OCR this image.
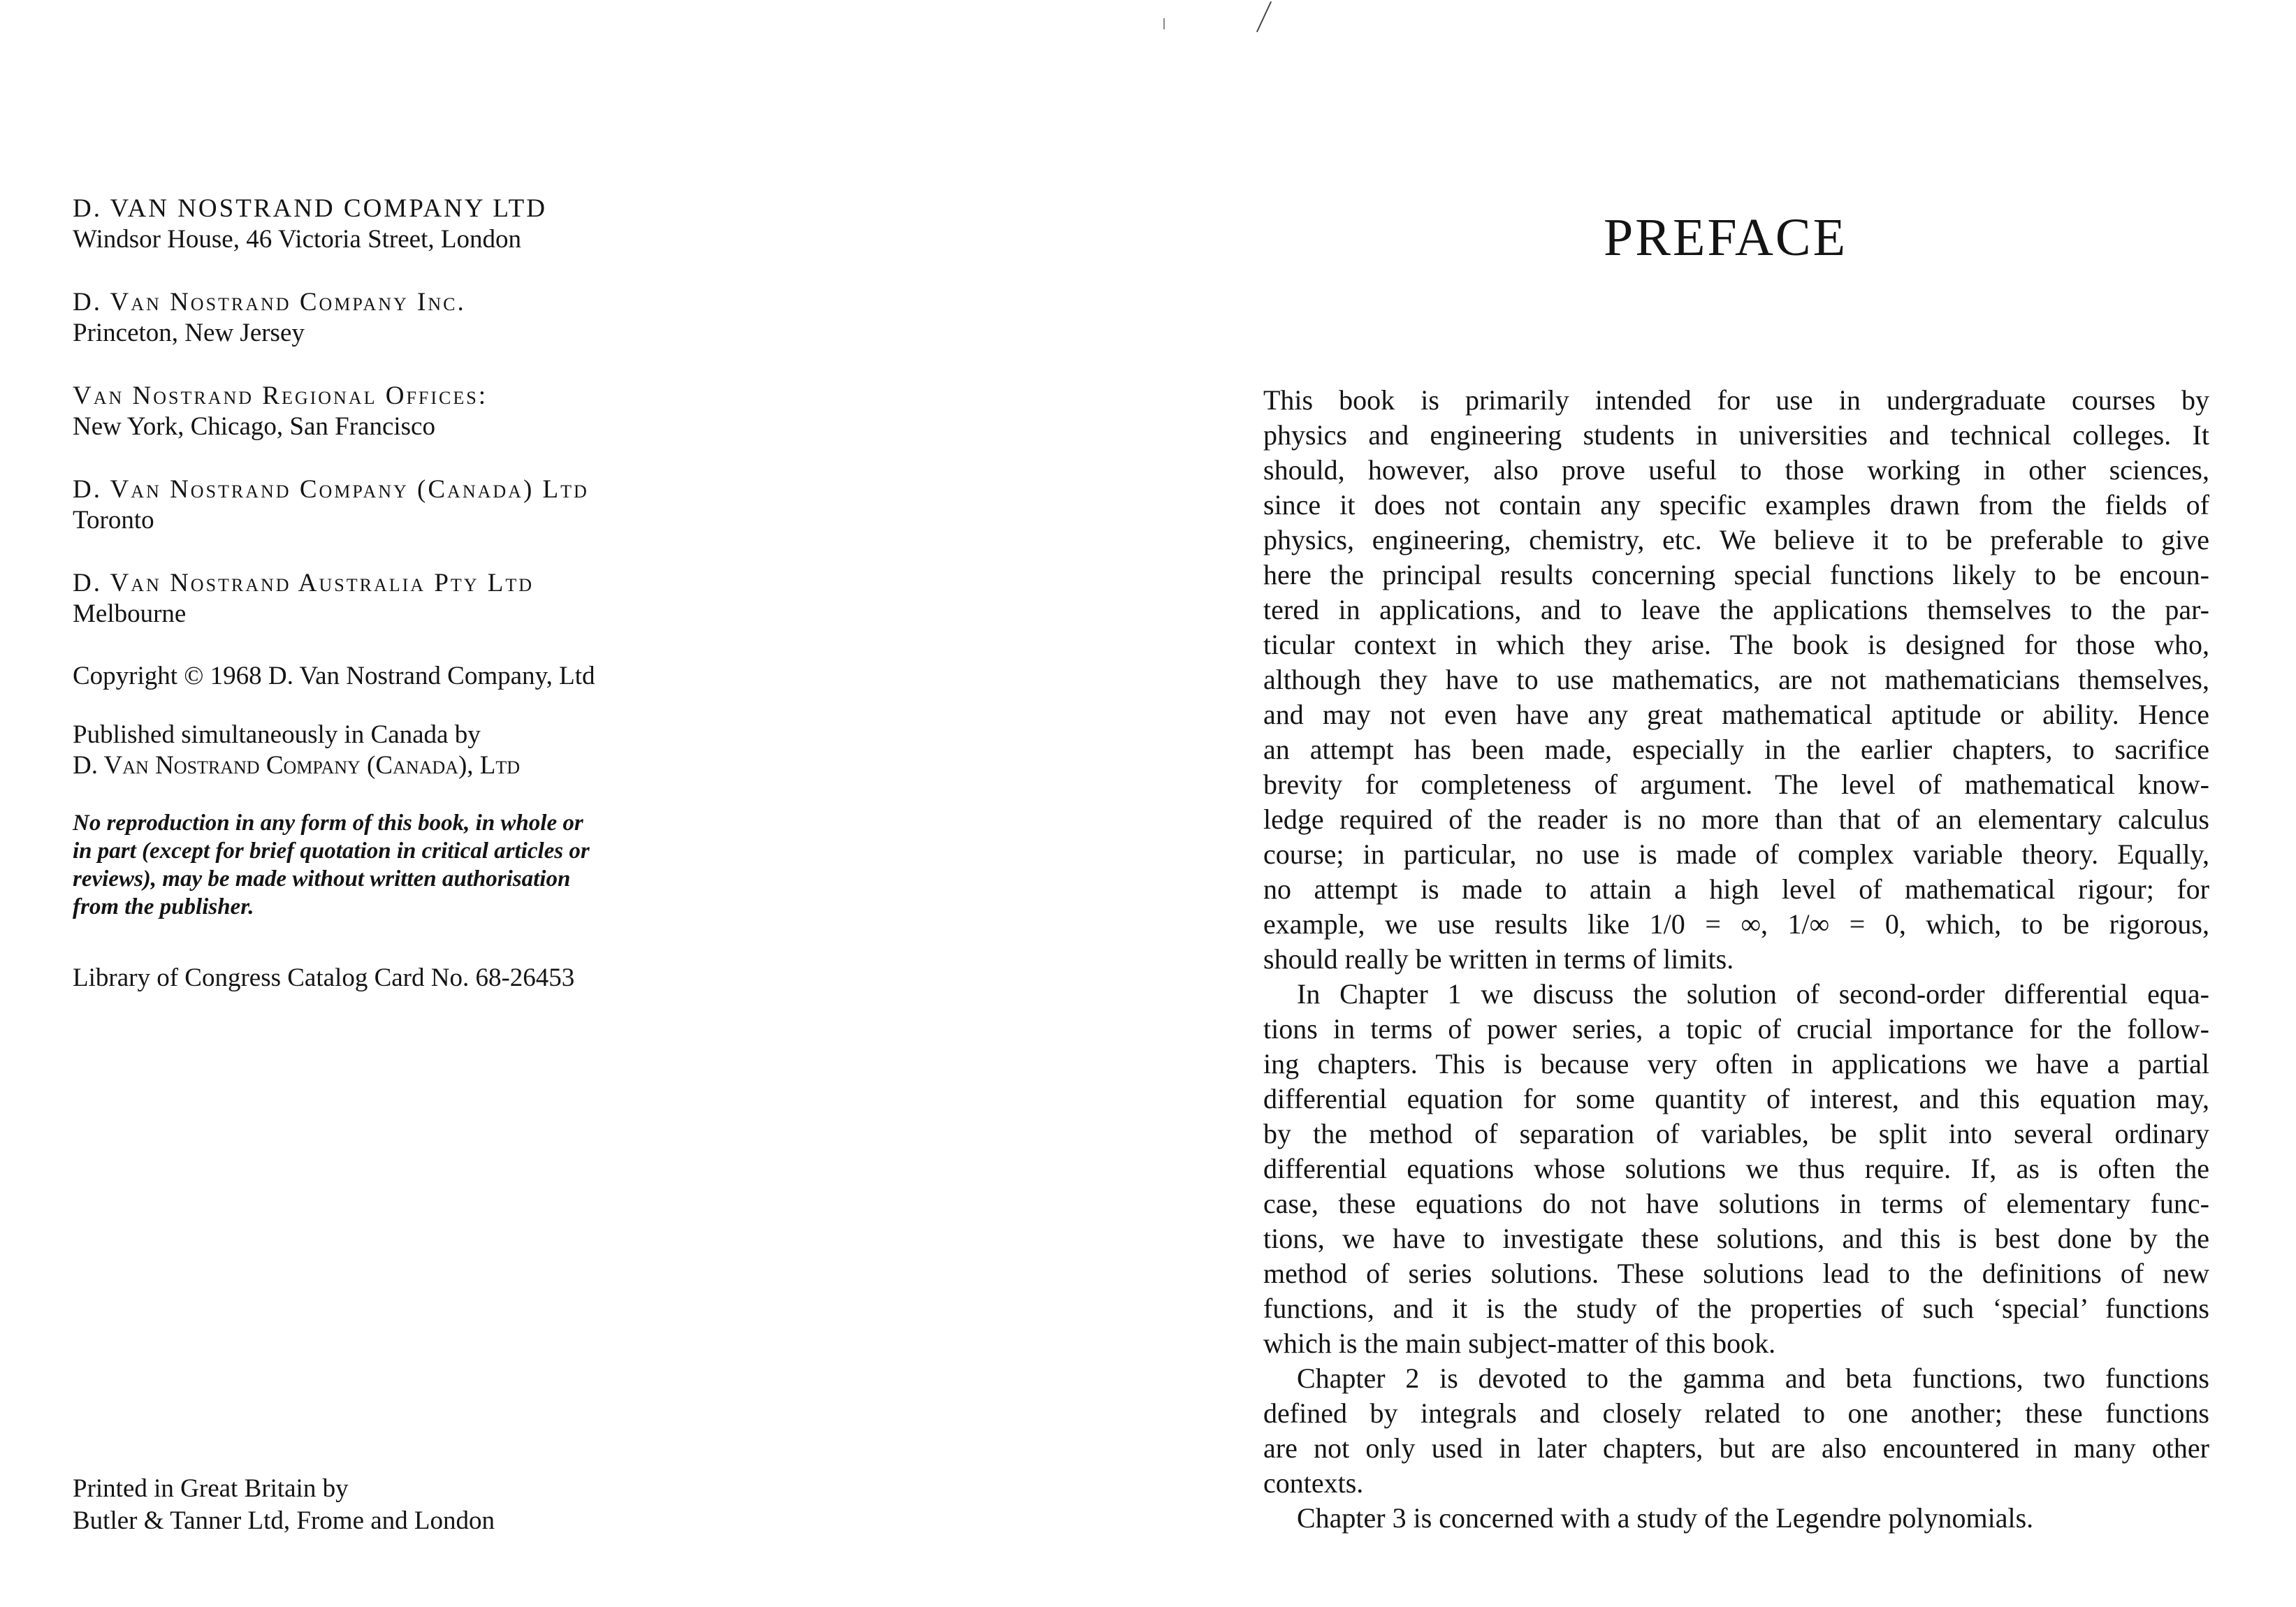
D. VAN NOSTRAND COMPANY LTD
Windsor House, 46 Victoria Street, London
D. Van Nostrand Company Inc.
Princeton, New Jersey
Van Nostrand Regional Offices:
New York, Chicago, San Francisco
D. Van Nostrand Company (Canada) Ltd
Toronto
D. Van Nostrand Australia Pty Ltd
Melbourne
Copyright © 1968 D. Van Nostrand Company, Ltd
Published simultaneously in Canada by
D. Van Nostrand Company (Canada), Ltd
No reproduction in any form of this book, in whole or
in part (except for brief quotation in critical articles or
reviews), may be made without written authorisation
from the publisher.
Library of Congress Catalog Card No. 68-26453
Printed in Great Britain by
Butler & Tanner Ltd, Frome and London
PREFACE
This book is primarily intended for use in undergraduate courses by
physics and engineering students in universities and technical colleges. It
should, however, also prove useful to those working in other sciences,
since it does not contain any specific examples drawn from the fields of
physics, engineering, chemistry, etc. We believe it to be preferable to give
here the principal results concerning special functions likely to be encoun-
tered in applications, and to leave the applications themselves to the par-
ticular context in which they arise. The book is designed for those who,
although they have to use mathematics, are not mathematicians themselves,
and may not even have any great mathematical aptitude or ability. Hence
an attempt has been made, especially in the earlier chapters, to sacrifice
brevity for completeness of argument. The level of mathematical know-
ledge required of the reader is no more than that of an elementary calculus
course; in particular, no use is made of complex variable theory. Equally,
no attempt is made to attain a high level of mathematical rigour; for
example, we use results like 1/0 = ∞, 1/∞ = 0, which, to be rigorous,
should really be written in terms of limits.
In Chapter 1 we discuss the solution of second-order differential equa-
tions in terms of power series, a topic of crucial importance for the follow-
ing chapters. This is because very often in applications we have a partial
differential equation for some quantity of interest, and this equation may,
by the method of separation of variables, be split into several ordinary
differential equations whose solutions we thus require. If, as is often the
case, these equations do not have solutions in terms of elementary func-
tions, we have to investigate these solutions, and this is best done by the
method of series solutions. These solutions lead to the definitions of new
functions, and it is the study of the properties of such ‘special’ functions
which is the main subject-matter of this book.
Chapter 2 is devoted to the gamma and beta functions, two functions
defined by integrals and closely related to one another; these functions
are not only used in later chapters, but are also encountered in many other
contexts.
Chapter 3 is concerned with a study of the Legendre polynomials.
